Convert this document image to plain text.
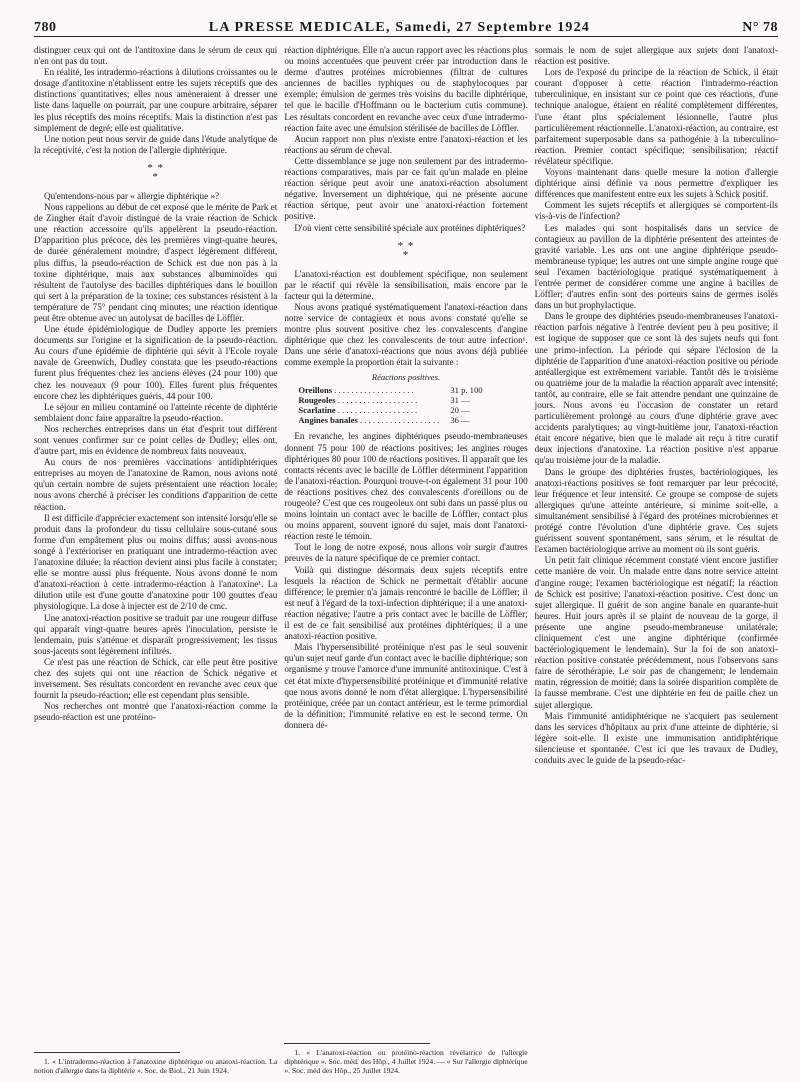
780	LA PRESSE MEDICALE, Samedi, 27 Septembre 1924	N° 78

distinguer ceux qui ont de l'antitoxine dans le sérum de ceux qui n'en ont pas du tout.

En réalité, les intradermo-réactions à dilutions croissantes ou le dosage d'antitoxine n'établissent entre les sujets réceptifs que des distinctions quantitatives; elles nous amèneraient à dresser une liste dans laquelle on pourrait, par une coupure arbitraire, séparer les plus réceptifs des moins réceptifs. Mais la distinction n'est pas simplement de degré; elle est qualitative.

Une notion peut nous servir de guide dans l'étude analytique de la réceptivité, c'est la notion de l'allergie diphtérique.

* *
*

Qu'entendons-nous par « allergie diphtérique »?

Nous rappelions au début de cet exposé que le mérite de Park et de Zingher était d'avoir distingué de la vraie réaction de Schick une réaction accessoire qu'ils appelèrent la pseudo-réaction. D'apparition plus précoce, dès les premières vingt-quatre heures, de durée généralement moindre, d'aspect légèrement différent, plus diffus, la pseudo-réaction de Schick est due non pas à la toxine diphtérique, mais aux substances albuminoïdes qui résultent de l'autolyse des bacilles diphtériques dans le bouillon qui sert à la préparation de la toxine; ces substances résistent à la température de 75° pendant cinq minutes; une réaction identique peut être obtenue avec un autolysat de bacilles de Löffler.

Une étude épidémiologique de Dudley apporte les premiers documents sur l'origine et la signification de la pseudo-réaction. Au cours d'une épidémie de diphtérie qui sévit à l'Ecole royale navale de Greenwich, Dudley constata que les pseudo-réactions furent plus fréquentes chez les anciens élèves (24 pour 100) que chez les nouveaux (9 pour 100). Elles furent plus fréquentes encore chez les diphtériques guéris, 44 pour 100.

Le séjour en milieu contaminé ou l'atteinte récente de diphtérie semblaient donc faire apparaître la pseudo-réaction.

Nos recherches entreprises dans un état d'esprit tout différent sont venues confirmer sur ce point celles de Dudley; elles ont, d'autre part, mis en évidence de nombreux faits nouveaux.

Au cours de nos premières vaccinations antidiphtériques entreprises au moyen de l'anatoxine de Ramon, nous avions noté qu'un certain nombre de sujets présentaient une réaction locale; nous avons cherché à préciser les conditions d'apparition de cette réaction.

Il est difficile d'apprécier exactement son intensité lorsqu'elle se produit dans la profondeur du tissu cellulaire sous-cutané sous forme d'un empâtement plus ou moins diffus; aussi avons-nous songé à l'extérioriser en pratiquant une intradermo-réaction avec l'anatoxine diluée; la réaction devient ainsi plus facile à constater; elle se montre aussi plus fréquente. Nous avons donné le nom d'anatoxi-réaction à cette intradermo-réaction à l'anatoxine¹. La dilution utile est d'une goutte d'anatoxine pour 100 gouttes d'eau physiologique. La dose à injecter est de 2/10 de cmc.

Une anatoxi-réaction positive se traduit par une rougeur diffuse qui apparaît vingt-quatre heures après l'inoculation, persiste le lendemain, puis s'atténue et disparaît progressivement; les tissus sous-jacents sont légèrement infiltrés.

Ce n'est pas une réaction de Schick, car elle peut être positive chez des sujets qui ont une réaction de Schick négative et inversement. Ses résultats concordent en revanche avec ceux que fournit la pseudo-réaction; elle est cependant plus sensible.

Nos recherches ont montré que l'anatoxi-réaction comme la pseudo-réaction est une protéino-

1. « L'intradermo-réaction à l'anatoxine diphtérique ou anatoxi-réaction. La notion d'allergie dans la diphtérie ». Soc. de Biol., 21 Juin 1924.

réaction diphtérique. Elle n'a aucun rapport avec les réactions plus ou moins accentuées que peuvent créer par introduction dans le derme d'autres protéines microbiennes (filtrat de cultures anciennes de bacilles typhiques ou de staphylocoques par exemple; émulsion de germes très voisins du bacille diphtérique, tel que le bacille d'Hoffmann ou le bacterium cutis commune). Les résultats concordent en revanche avec ceux d'une intradermo-réaction faite avec une émulsion stérilisée de bacilles de Löffler.

Aucun rapport non plus n'existe entre l'anatoxi-réaction et les réactions au sérum de cheval.

Cette dissemblance se juge non seulement par des intradermo-réactions comparatives, mais par ce fait qu'un malade en pleine réaction sérique peut avoir une anatoxi-réaction absolument négative. Inversement un diphtérique, qui ne présente aucune réaction sérique, peut avoir une anatoxi-réaction fortement positive.

D'où vient cette sensibilité spéciale aux protéines diphtériques?

* *
*

L'anatoxi-réaction est doublement spécifique, non seulement par le réactif qui révèle la sensibilisation, mais encore par le facteur qui la détermine.

Nous avons pratiqué systématiquement l'anatoxi-réaction dans notre service de contagieux et nous avons constaté qu'elle se montre plus souvent positive chez les convalescents d'angine diphtérique que chez les convalescents de tout autre infection¹. Dans une série d'anatoxi-réactions que nous avons déjà publiée comme exemple la proportion était la suivante :

Réactions positives.
Oreillons . . .	31 p. 100
Rougeoles . . .	31 —
Scarlatine . . .	20 —
Angines banales . . .	36 —

En revanche, les angines diphtériques pseudo-membraneuses donnent 75 pour 100 de réactions positives; les angines rouges diphtériques 80 pour 100 de réactions positives. Il apparaît que les contacts récents avec le bacille de Löffler déterminent l'apparition de l'anatoxi-réaction. Pourquoi trouve-t-on également 31 pour 100 de réactions positives chez des convalescents d'oreillons ou de rougeole? C'est que ces rougeoleux ont subi dans un passé plus ou moins lointain un contact avec le bacille de Löffler, contact plus ou moins apparent, souvent ignoré du sujet, mais dont l'anatoxi-réaction reste le témoin.

Tout le long de notre exposé, nous allons voir surgir d'autres preuves de la nature spécifique de ce premier contact.

Voilà qui distingue désormais deux sujets réceptifs entre lesquels la réaction de Schick ne permettait d'établir aucune différence; le premier n'a jamais rencontré le bacille de Löffler; il est neuf à l'égard de la toxi-infection diphtérique; il a une anatoxi-réaction négative; l'autre a pris contact avec le bacille de Löffler; il est de ce fait sensibilisé aux protéines diphtériques; il a une anatoxi-réaction positive.

Mais l'hypersensibilité protéinique n'est pas le seul souvenir qu'un sujet neuf garde d'un contact avec le bacille diphtérique; son organisme y trouve l'amorce d'une immunité antitoxinique. C'est à cet état mixte d'hypersensibilité protéinique et d'immunité relative que nous avons donné le nom d'état allergique. L'hypersensibilité protéinique, créée par un contact antérieur, est le terme primordial de la définition; l'immunité relative en est le second terme. On donnera dé-

1. « L'anatoxi-réaction ou protéino-réaction révélatrice de l'allergie diphtérique ». Soc. méd. des Hôp., 4 Juillet 1924. — « Sur l'allergie diphtérique ». Soc. méd des Hôp., 25 Juillet 1924.

sormais le nom de sujet allergique aux sujets dont l'anatoxi-réaction est positive.

Lors de l'exposé du principe de la réaction de Schick, il était courant d'opposer à cette réaction l'intradermo-réaction tuberculinique, en insistant sur ce point que ces réactions, d'une technique analogue, étaient en réalité complètement différentes, l'une étant plus spécialement lésionnelle, l'autre plus particulièrement réactionnelle. L'anatoxi-réaction, au contraire, est parfaitement superposable dans sa pathogénie à la tuberculino-réaction. Premier contact spécifique; sensibilisation; réactif révélateur spécifique.

Voyons maintenant dans quelle mesure la notion d'allergie diphtérique ainsi définie va nous permettre d'expliquer les différences que manifestent entre eux les sujets à Schick positif.

Comment les sujets réceptifs et allergiques se comportent-ils vis-à-vis de l'infection?

Les malades qui sont hospitalisés dans un service de contagieux au pavillon de la diphtérie présentent des atteintes de gravité variable. Les uns ont une angine diphtérique pseudo-membraneuse typique; les autres ont une simple angine rouge que seul l'examen bactériologique pratiqué systématiquement à l'entrée permet de considérer comme une angine à bacilles de Löffler; d'autres enfin sont des porteurs sains de germes isolés dans un but prophylactique.

Dans le groupe des diphtéries pseudo-membraneuses l'anatoxi-réaction parfois négative à l'entrée devient peu à peu positive; il est logique de supposer que ce sont là des sujets neufs qui font une primo-infection. La période qui sépare l'éclosion de la diphtérie de l'apparition d'une anatoxi-réaction positive ou période antéallergique est extrêmement variable. Tantôt dès le troisième ou quatrième jour de la maladie la réaction apparaît avec intensité; tantôt, au contraire, elle se fait attendre pendant une quinzaine de jours. Nous avons eu l'occasion de constater un retard particulièrement prolongé au cours d'une diphtérie grave avec accidents paralytiques; au vingt-huitième jour, l'anatoxi-réaction était encore négative, bien que le malade ait reçu à titre curatif deux injections d'anatoxine. La réaction positive n'est apparue qu'au troisième jour de la maladie.

Dans le groupe des diphtéries frustes, bactériologiques, les anatoxi-réactions positives se font remarquer par leur précocité, leur fréquence et leur intensité. Ce groupe se compose de sujets allergiques qu'une atteinte antérieure, si minime soit-elle, a simultanément sensibilisé à l'égard des protéines microbiennes et protégé contre l'évolution d'une diphtérie grave. Ces sujets guérissent souvent spontanément, sans sérum, et le résultat de l'examen bactériologique arrive au moment où ils sont guéris.

Un petit fait clinique récemment constaté vient encore justifier cette manière de voir. Un malade entre dans notre service atteint d'angine rouge; l'examen bactériologique est négatif; la réaction de Schick est positive; l'anatoxi-réaction positive. C'est donc un sujet allergique. Il guérit de son angine banale en quarante-huit heures. Huit jours après il se plaint de nouveau de la gorge, il présente une angine pseudo-membraneuse unilatérale; cliniquement c'est une angine diphtérique (confirmée bactériologiquement le lendemain). Sur la foi de son anatoxi-réaction positive constatée précédemment, nous l'observons sans faire de sérothérapie. Le soir pas de changement; le lendemain matin, régression de moitié; dans la soirée disparition complète de la fausse membrane. C'est une diphtérie en feu de paille chez un sujet allergique.

Mais l'immunité antidiphtérique ne s'acquiert pas seulement dans les services d'hôpitaux au prix d'une atteinte de diphtérie, si légère soit-elle. Il existe une immunisation antidiphtérique silencieuse et spontanée. C'est ici que les travaux de Dudley, conduits avec le guide de la pseudo-réac-
